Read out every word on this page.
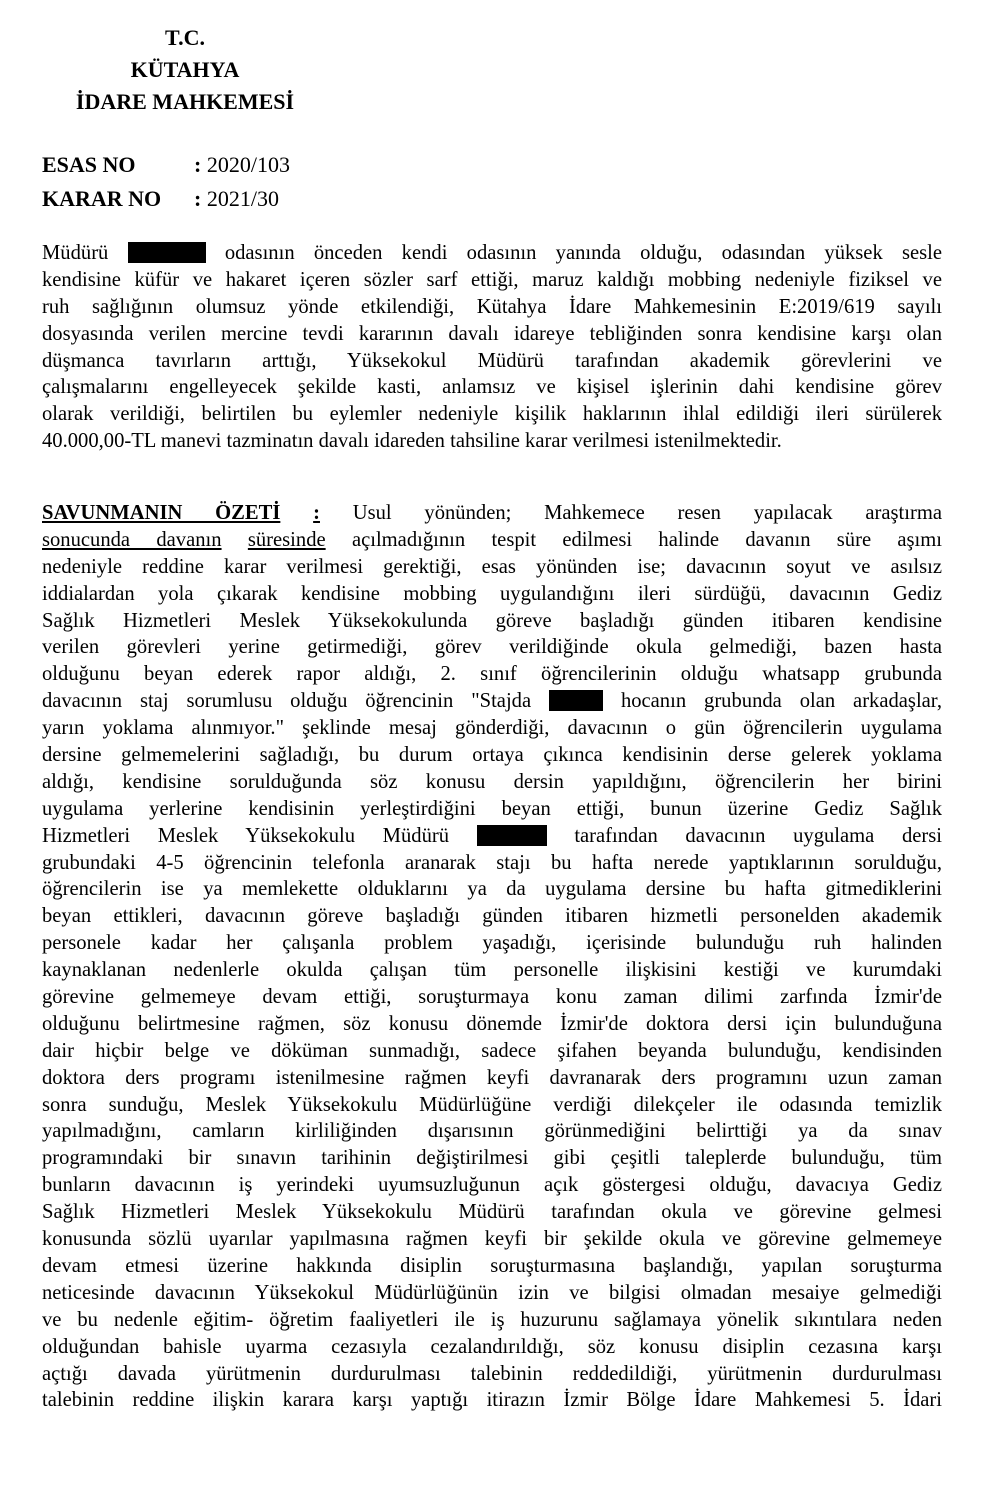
T.C.
KÜTAHYA
İDARE MAHKEMESİ
ESAS NO	: 2020/103
KARAR NO : 2021/30
Müdürü	odasının önceden kendi odasının yanında olduğu, odasından yüksek sesle
kendisine küfür ve hakaret içeren sözler sarf ettiği, maruz kaldığı mobbing nedeniyle fiziksel ve
ruh sağlığının olumsuz yönde etkilendiği, Kütahya İdare Mahkemesinin E:2019/619 sayılı
dosyasında verilen mercine tevdi kararının davalı idareye tebliğinden sonra kendisine karşı olan
düşmanca tavırların arttığı, Yüksekokul Müdürü tarafından akademik görevlerini ve
çalışmalarını engelleyecek şekilde kasti, anlamsız ve kişisel işlerinin dahi kendisine görev
olarak verildiği, belirtilen bu eylemler nedeniyle kişilik haklarının ihlal edildiği ileri sürülerek
40.000,00-TL manevi tazminatın davalı idareden tahsiline karar verilmesi istenilmektedir.
SAVUNMANIN ÖZETİ : Usul yönünden; Mahkemece resen yapılacak araştırma
sonucunda davanın süresinde açılmadığının tespit edilmesi halinde davanın süre aşımı
nedeniyle reddine karar verilmesi gerektiği, esas yönünden ise; davacının soyut ve asılsız
iddialardan yola çıkarak kendisine mobbing uygulandığını ileri sürdüğü, davacının Gediz
Sağlık Hizmetleri Meslek Yüksekokulunda göreve başladığı günden itibaren kendisine
verilen görevleri yerine getirmediği, görev verildiğinde okula gelmediği, bazen hasta
olduğunu beyan ederek rapor aldığı, 2. sınıf öğrencilerinin olduğu whatsapp grubunda
davacının staj sorumlusu olduğu öğrencinin "Stajda	hocanın grubunda olan arkadaşlar,
yarın yoklama alınmıyor." şeklinde mesaj gönderdiği, davacının o gün öğrencilerin uygulama
dersine gelmemelerini sağladığı, bu durum ortaya çıkınca kendisinin derse gelerek yoklama
aldığı, kendisine sorulduğunda söz konusu dersin yapıldığını, öğrencilerin her birini
uygulama yerlerine kendisinin yerleştirdiğini beyan ettiği, bunun üzerine Gediz Sağlık
Hizmetleri Meslek Yüksekokulu Müdürü	tarafından davacının uygulama dersi
grubundaki 4-5 öğrencinin telefonla aranarak stajı bu hafta nerede yaptıklarının sorulduğu,
öğrencilerin ise ya memlekette olduklarını ya da uygulama dersine bu hafta gitmediklerini
beyan ettikleri, davacının göreve başladığı günden itibaren hizmetli personelden akademik
personele kadar her çalışanla problem yaşadığı, içerisinde bulunduğu ruh halinden
kaynaklanan nedenlerle okulda çalışan tüm personelle ilişkisini kestiği ve kurumdaki
görevine gelmemeye devam ettiği, soruşturmaya konu zaman dilimi zarfında İzmir'de
olduğunu belirtmesine rağmen, söz konusu dönemde İzmir'de doktora dersi için bulunduğuna
dair hiçbir belge ve döküman sunmadığı, sadece şifahen beyanda bulunduğu, kendisinden
doktora ders programı istenilmesine rağmen keyfi davranarak ders programını uzun zaman
sonra sunduğu, Meslek Yüksekokulu Müdürlüğüne verdiği dilekçeler ile odasında temizlik
yapılmadığını, camların kirliliğinden dışarısının görünmediğini belirttiği ya da sınav
programındaki bir sınavın tarihinin değiştirilmesi gibi çeşitli taleplerde bulunduğu, tüm
bunların davacının iş yerindeki uyumsuzluğunun açık göstergesi olduğu, davacıya Gediz
Sağlık Hizmetleri Meslek Yüksekokulu Müdürü tarafından okula ve görevine gelmesi
konusunda sözlü uyarılar yapılmasına rağmen keyfi bir şekilde okula ve görevine gelmemeye
devam etmesi üzerine hakkında disiplin soruşturmasına başlandığı, yapılan soruşturma
neticesinde davacının Yüksekokul Müdürlüğünün izin ve bilgisi olmadan mesaiye gelmediği
ve bu nedenle eğitim- öğretim faaliyetleri ile iş huzurunu sağlamaya yönelik sıkıntılara neden
olduğundan bahisle uyarma cezasıyla cezalandırıldığı, söz konusu disiplin cezasına karşı
açtığı davada yürütmenin durdurulması talebinin reddedildiği, yürütmenin durdurulması
talebinin reddine ilişkin karara karşı yaptığı itirazın İzmir Bölge İdare Mahkemesi 5. İdari
